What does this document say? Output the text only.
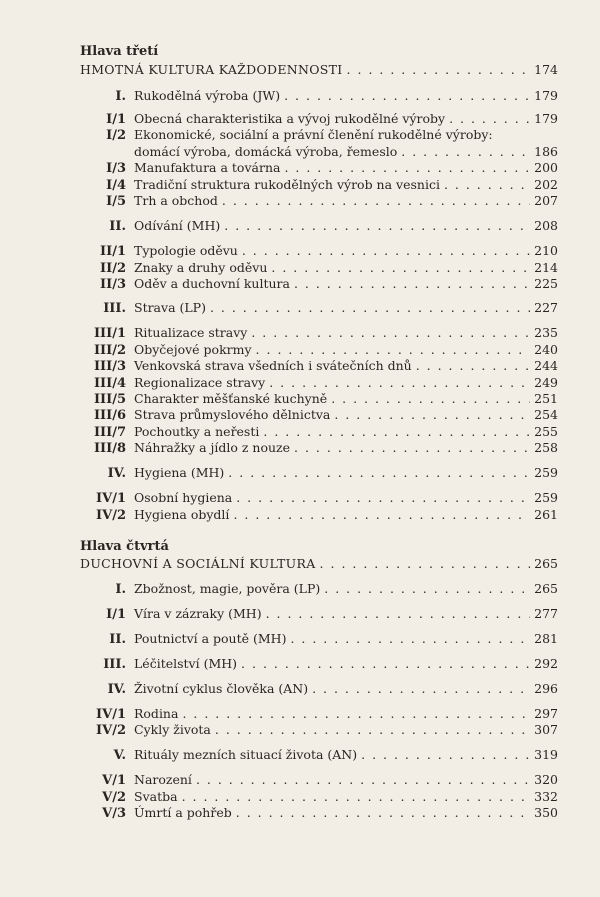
Hlava třetí
HMOTNÁ KULTURA KAŽDODENNOSTI . . .	174
I. Rukodělná výroba (JW) . . .	179
I/1 Obecná charakteristika a vývoj rukodělné výroby . . .	179
I/2 Ekonomické, sociální a právní členění rukodělné výroby:
domácí výroba, domácká výroba, řemeslo . . .	186
I/3 Manufaktura a továrna . . .	200
I/4 Tradiční struktura rukodělných výrob na vesnici . . .	202
I/5 Trh a obchod . . .	207
II. Odívání (MH) . . .	208
II/1 Typologie oděvu . . .	210
II/2 Znaky a druhy oděvu . . .	214
II/3 Oděv a duchovní kultura . . .	225
III. Strava (LP) . . .	227
III/1 Ritualizace stravy . . .	235
III/2 Obyčejové pokrmy . . .	240
III/3 Venkovská strava všedních i svátečních dnů . . .	244
III/4 Regionalizace stravy . . .	249
III/5 Charakter měšťanské kuchyně . . .	251
III/6 Strava průmyslového dělnictva . . .	254
III/7 Pochoutky a neřesti . . .	255
III/8 Náhražky a jídlo z nouze . . .	258
IV. Hygiena (MH) . . .	259
IV/1 Osobní hygiena . . .	259
IV/2 Hygiena obydlí . . .	261
Hlava čtvrtá
DUCHOVNÍ A SOCIÁLNÍ KULTURA . . .	265
I. Zbožnost, magie, pověra (LP) . . .	265
I/1 Víra v zázraky (MH) . . .	277
II. Poutnictví a poutě (MH) . . .	281
III. Léčitelství (MH) . . .	292
IV. Životní cyklus člověka (AN) . . .	296
IV/1 Rodina . . .	297
IV/2 Cykly života . . .	307
V. Rituály mezních situací života (AN) . . .	319
V/1 Narození . . .	320
V/2 Svatba . . .	332
V/3 Úmrtí a pohřeb . . .	350
